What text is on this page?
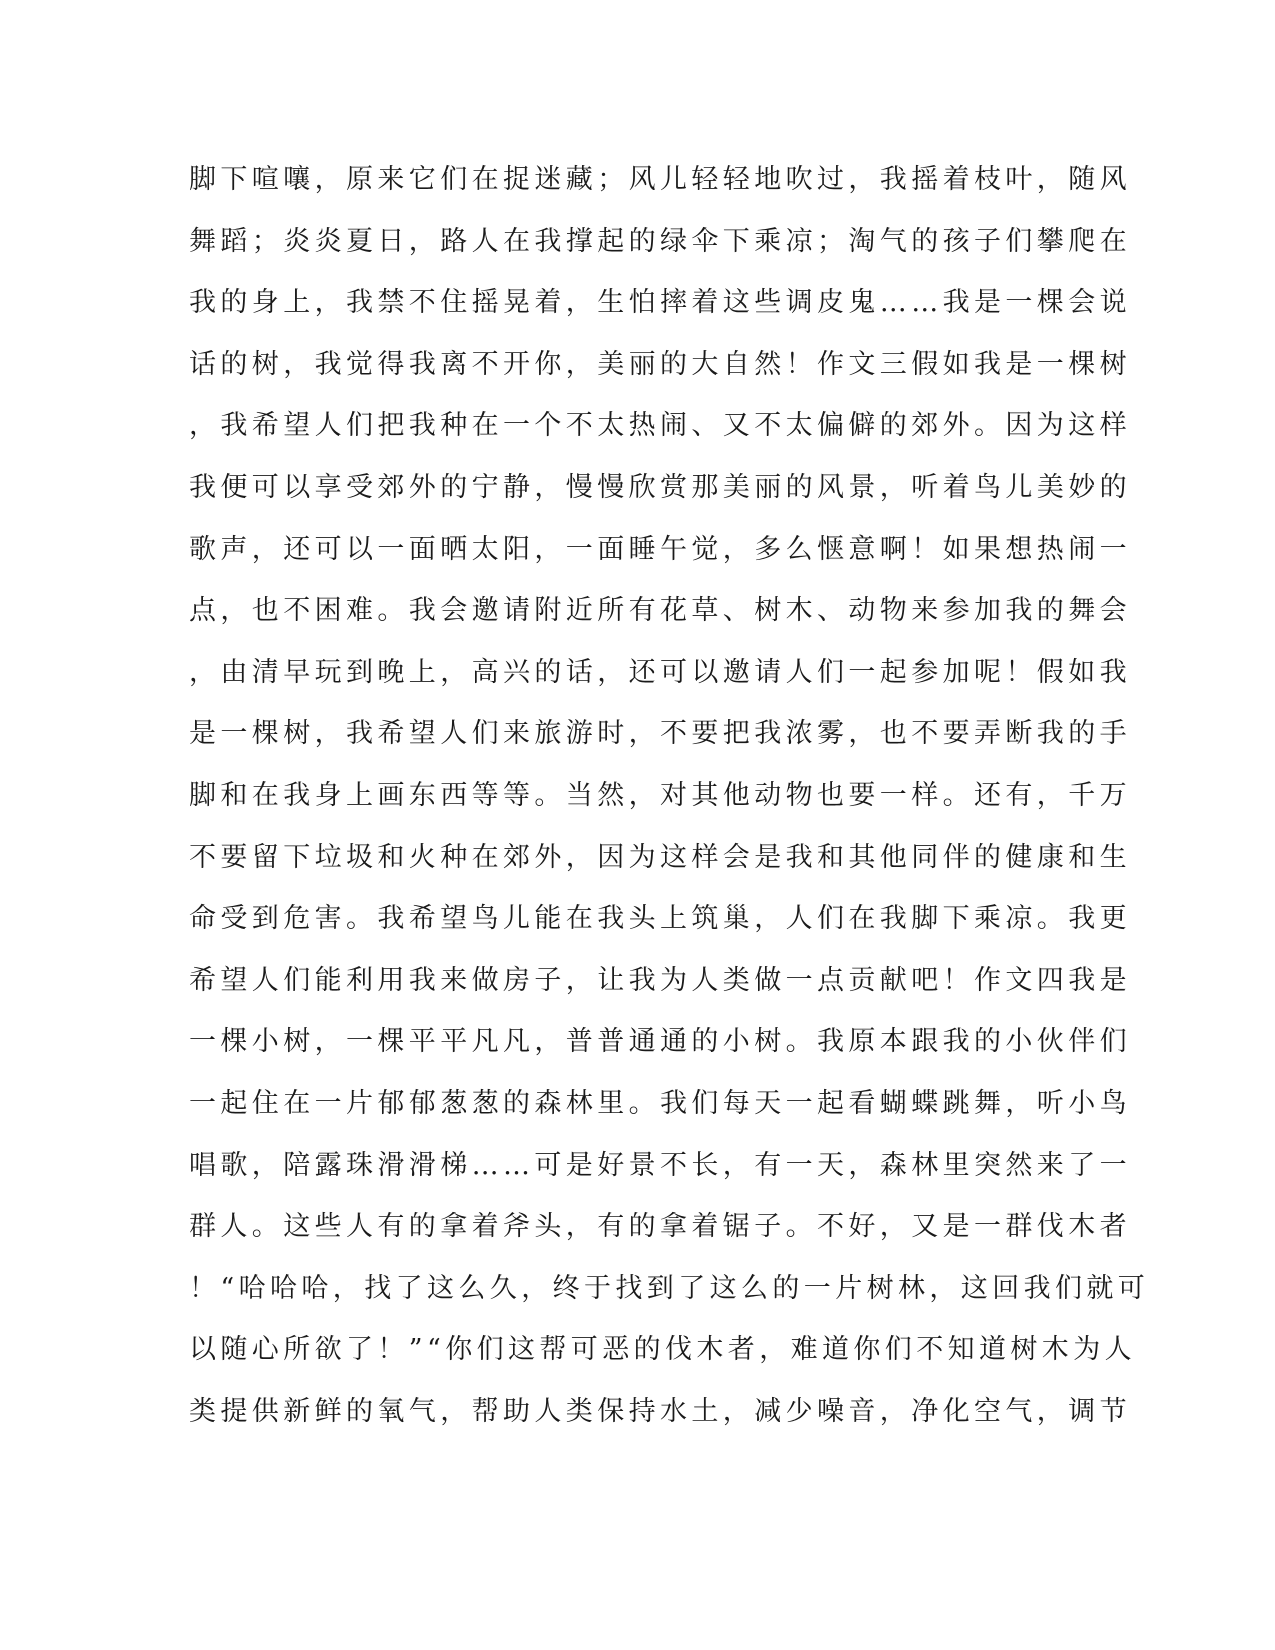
脚下喧嚷，原来它们在捉迷藏；风儿轻轻地吹过，我摇着枝叶，随风
舞蹈；炎炎夏日，路人在我撑起的绿伞下乘凉；淘气的孩子们攀爬在
我的身上，我禁不住摇晃着，生怕摔着这些调皮鬼……我是一棵会说
话的树，我觉得我离不开你，美丽的大自然！作文三假如我是一棵树
，我希望人们把我种在一个不太热闹、又不太偏僻的郊外。因为这样
我便可以享受郊外的宁静，慢慢欣赏那美丽的风景，听着鸟儿美妙的
歌声，还可以一面晒太阳，一面睡午觉，多么惬意啊！如果想热闹一
点，也不困难。我会邀请附近所有花草、树木、动物来参加我的舞会
，由清早玩到晚上，高兴的话，还可以邀请人们一起参加呢！假如我
是一棵树，我希望人们来旅游时，不要把我浓雾，也不要弄断我的手
脚和在我身上画东西等等。当然，对其他动物也要一样。还有，千万
不要留下垃圾和火种在郊外，因为这样会是我和其他同伴的健康和生
命受到危害。我希望鸟儿能在我头上筑巢，人们在我脚下乘凉。我更
希望人们能利用我来做房子，让我为人类做一点贡献吧！作文四我是
一棵小树，一棵平平凡凡，普普通通的小树。我原本跟我的小伙伴们
一起住在一片郁郁葱葱的森林里。我们每天一起看蝴蝶跳舞，听小鸟
唱歌，陪露珠滑滑梯……可是好景不长，有一天，森林里突然来了一
群人。这些人有的拿着斧头，有的拿着锯子。不好，又是一群伐木者
！“哈哈哈，找了这么久，终于找到了这么的一片树林，这回我们就可
以随心所欲了！”“你们这帮可恶的伐木者，难道你们不知道树木为人
类提供新鲜的氧气，帮助人类保持水土，减少噪音，净化空气，调节
